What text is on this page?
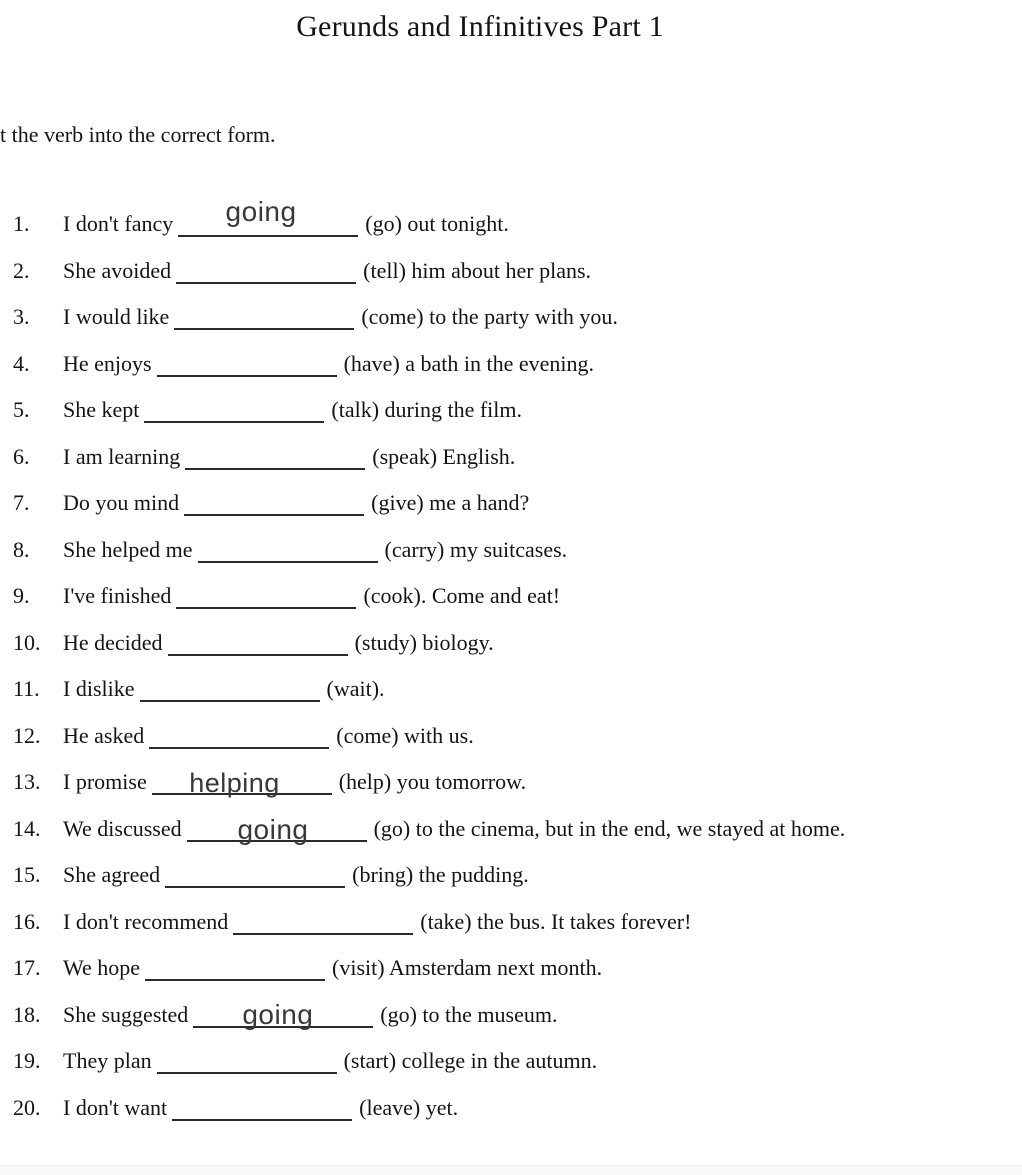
Gerunds and Infinitives Part 1

t the verb into the correct form.

1.	I don't fancy going	(go) out tonight.
2.	She avoided	(tell) him about her plans.
3.	I would like	(come) to the party with you.
4.	He enjoys	(have) a bath in the evening.
5.	She kept	(talk) during the film.
6.	I am learning	(speak) English.
7.	Do you mind	(give) me a hand?
8.	She helped me	(carry) my suitcases.
9.	I've finished	(cook). Come and eat!
10.	He decided	(study) biology.
11.	I dislike	(wait).
12.	He asked	(come) with us.
13.	I promise helping	(help) you tomorrow.
14.	We discussed going	(go) to the cinema, but in the end, we stayed at home.
15.	She agreed	(bring) the pudding.
16.	I don't recommend	(take) the bus. It takes forever!
17.	We hope	(visit) Amsterdam next month.
18.	She suggested going	(go) to the museum.
19.	They plan	(start) college in the autumn.
20.	I don't want	(leave) yet.
